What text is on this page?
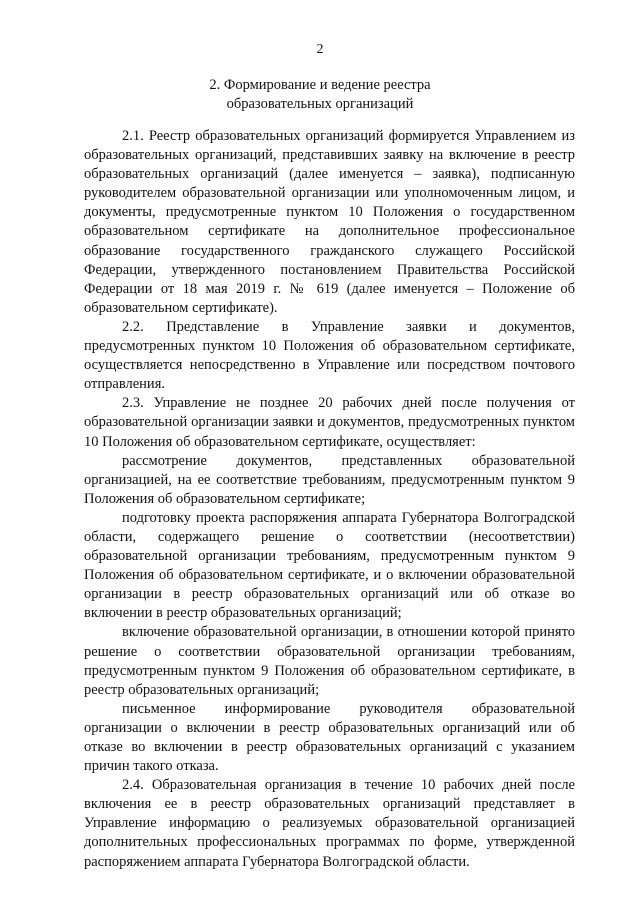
2
2. Формирование и ведение реестра
образовательных организаций

2.1. Реестр образовательных организаций формируется Управлением из образовательных организаций, представивших заявку на включение в реестр образовательных организаций (далее именуется – заявка), подписанную руководителем образовательной организации или уполномоченным лицом, и документы, предусмотренные пунктом 10 Положения о государственном образовательном сертификате на дополнительное профессиональное образование государственного гражданского служащего Российской Федерации, утвержденного постановлением Правительства Российской Федерации от 18 мая 2019 г. № 619 (далее именуется – Положение об образовательном сертификате).

2.2. Представление в Управление заявки и документов, предусмотренных пунктом 10 Положения об образовательном сертификате, осуществляется непосредственно в Управление или посредством почтового отправления.

2.3. Управление не позднее 20 рабочих дней после получения от образовательной организации заявки и документов, предусмотренных пунктом 10 Положения об образовательном сертификате, осуществляет:

рассмотрение документов, представленных образовательной организацией, на ее соответствие требованиям, предусмотренным пунктом 9 Положения об образовательном сертификате;

подготовку проекта распоряжения аппарата Губернатора Волгоградской области, содержащего решение о соответствии (несоответствии) образовательной организации требованиям, предусмотренным пунктом 9 Положения об образовательном сертификате, и о включении образовательной организации в реестр образовательных организаций или об отказе во включении в реестр образовательных организаций;

включение образовательной организации, в отношении которой принято решение о соответствии образовательной организации требованиям, предусмотренным пунктом 9 Положения об образовательном сертификате, в реестр образовательных организаций;

письменное информирование руководителя образовательной организации о включении в реестр образовательных организаций или об отказе во включении в реестр образовательных организаций с указанием причин такого отказа.

2.4. Образовательная организация в течение 10 рабочих дней после включения ее в реестр образовательных организаций представляет в Управление информацию о реализуемых образовательной организацией дополнительных профессиональных программах по форме, утвержденной распоряжением аппарата Губернатора Волгоградской области.
